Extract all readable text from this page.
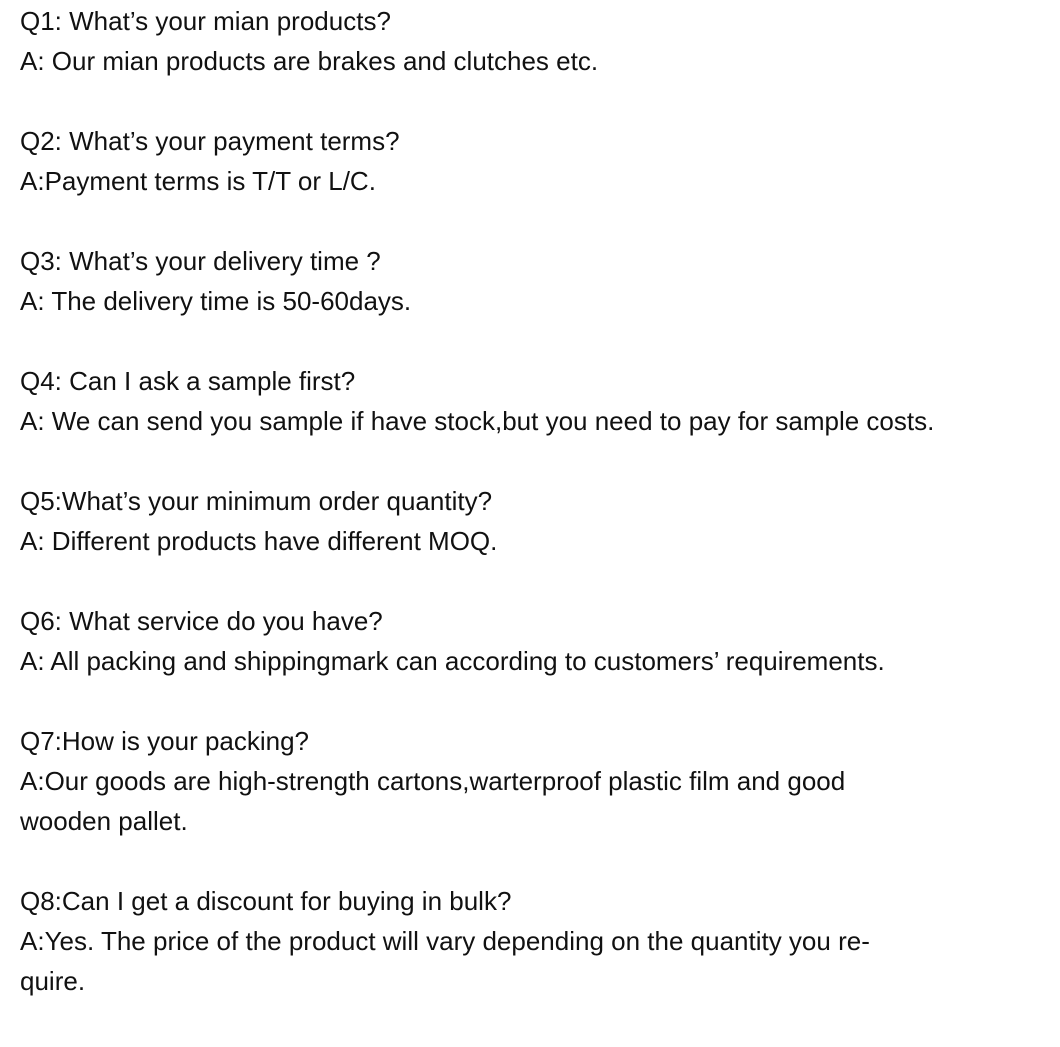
Q1: What’s your mian products?
A: Our mian products are brakes and clutches etc.
Q2: What’s your payment terms?
A:Payment terms is T/T or L/C.
Q3: What’s your delivery time ?
A: The delivery time is 50-60days.
Q4: Can I ask a sample first?
A: We can send you sample if have stock,but you need to pay for sample costs.
Q5:What’s your minimum order quantity?
A: Different products have different MOQ.
Q6: What service do you have?
A: All packing and shippingmark can according to customers’ requirements.
Q7:How is your packing?
A:Our goods are high-strength cartons,warterproof plastic film and good
wooden pallet.
Q8:Can I get a discount for buying in bulk?
A:Yes. The price of the product will vary depending on the quantity you re-
quire.
